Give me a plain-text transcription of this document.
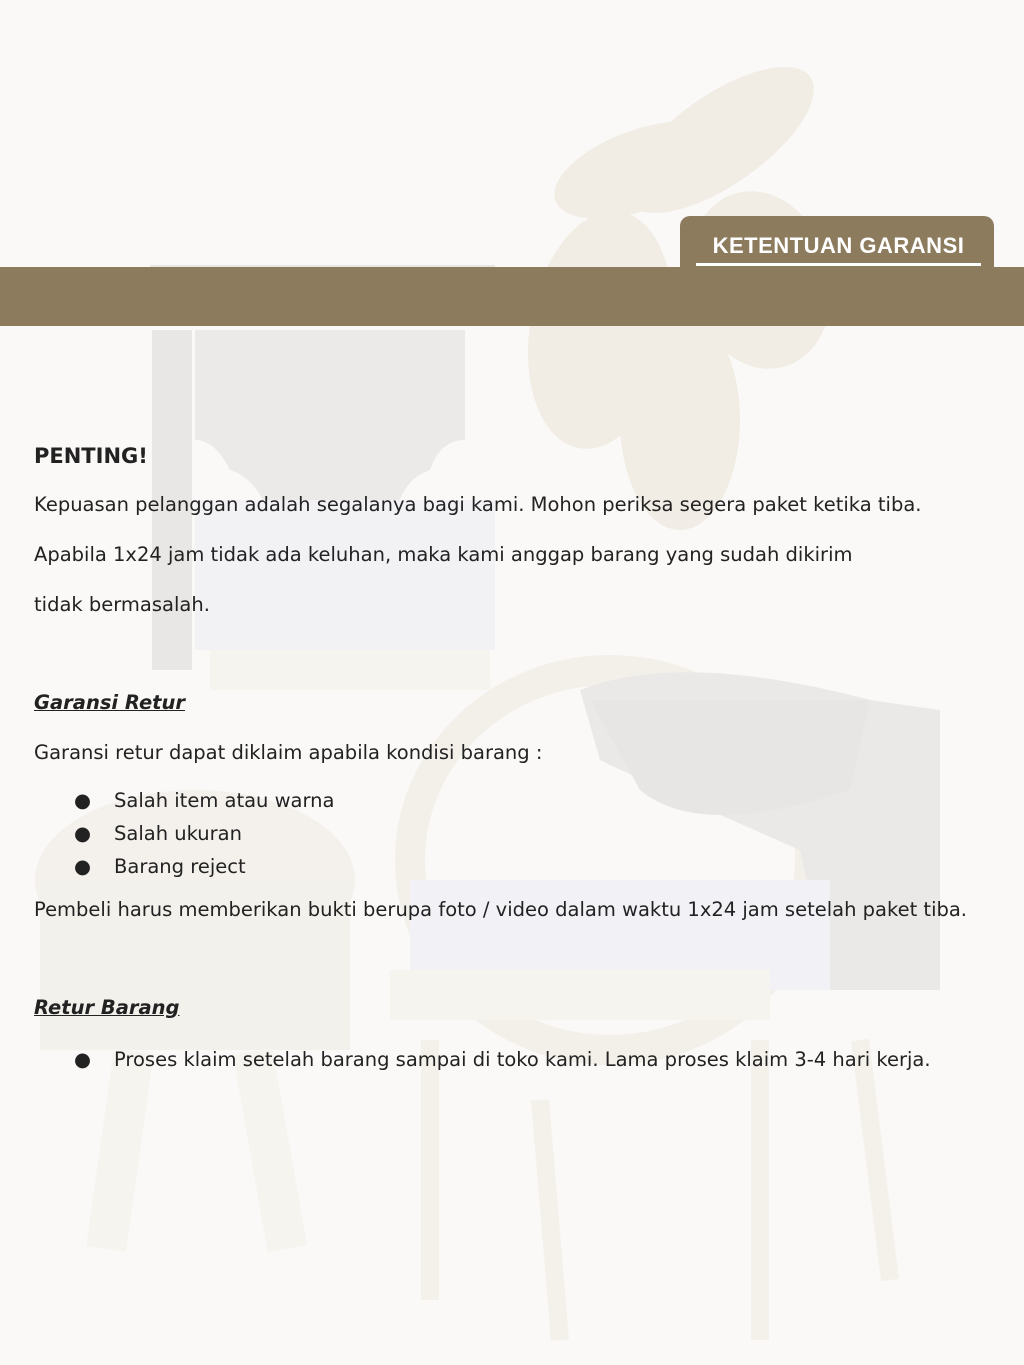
KETENTUAN GARANSI

PENTING!

Kepuasan pelanggan adalah segalanya bagi kami. Mohon periksa segera paket ketika tiba.

Apabila 1x24 jam tidak ada keluhan, maka kami anggap barang yang sudah dikirim

tidak bermasalah.

Garansi Retur

Garansi retur dapat diklaim apabila kondisi barang :

● Salah item atau warna
● Salah ukuran
● Barang reject

Pembeli harus memberikan bukti berupa foto / video dalam waktu 1x24 jam setelah paket tiba.

Retur Barang

● Proses klaim setelah barang sampai di toko kami. Lama proses klaim 3-4 hari kerja.
